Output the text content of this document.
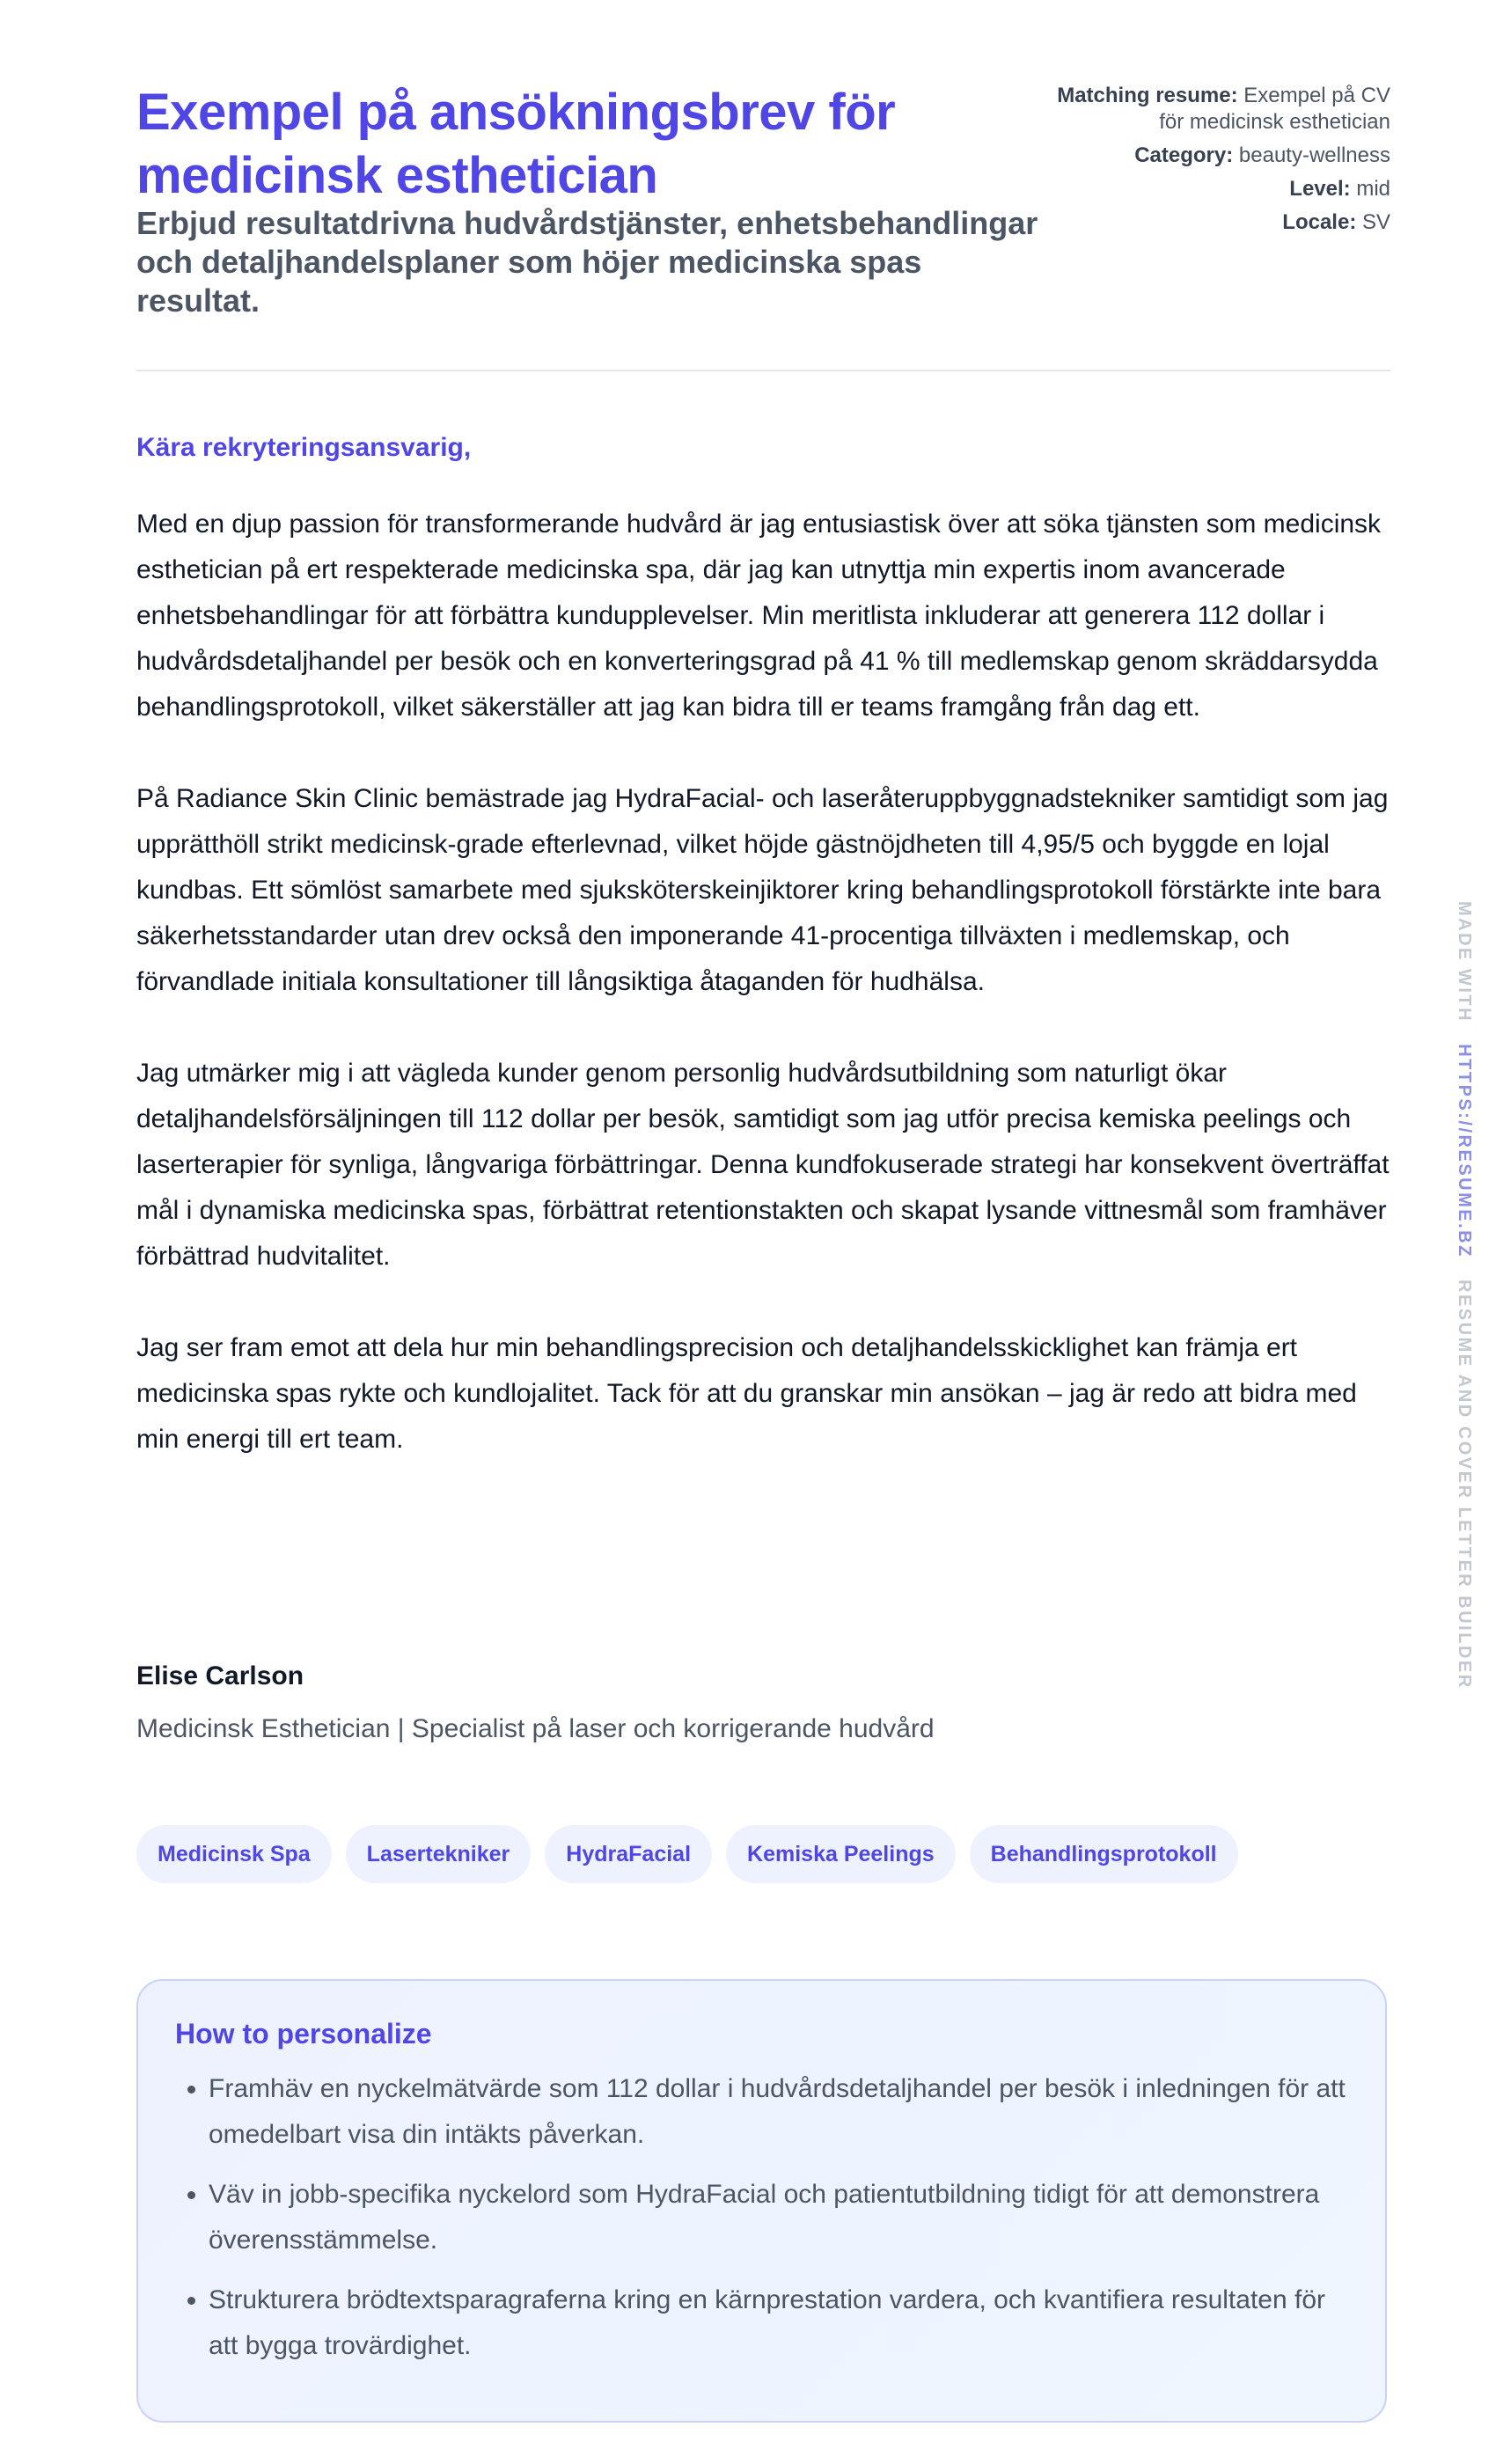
Exempel på ansökningsbrev för medicinsk esthetician
Erbjud resultatdrivna hudvårdstjänster, enhetsbehandlingar och detaljhandelsplaner som höjer medicinska spas resultat.
Matching resume: Exempel på CV för medicinsk esthetician
Category: beauty-wellness
Level: mid
Locale: SV
Kära rekryteringsansvarig,

Med en djup passion för transformerande hudvård är jag entusiastisk över att söka tjänsten som medicinsk esthetician på ert respekterade medicinska spa, där jag kan utnyttja min expertis inom avancerade enhetsbehandlingar för att förbättra kundupplevelser. Min meritlista inkluderar att generera 112 dollar i hudvårdsdetaljhandel per besök och en konverteringsgrad på 41 % till medlemskap genom skräddarsydda behandlingsprotokoll, vilket säkerställer att jag kan bidra till er teams framgång från dag ett.

På Radiance Skin Clinic bemästrade jag HydraFacial- och laseråteruppbyggnadstekniker samtidigt som jag upprätthöll strikt medicinsk-grade efterlevnad, vilket höjde gästnöjdheten till 4,95/5 och byggde en lojal kundbas. Ett sömlöst samarbete med sjuksköterskeinjiktorer kring behandlingsprotokoll förstärkte inte bara säkerhetsstandarder utan drev också den imponerande 41-procentiga tillväxten i medlemskap, och förvandlade initiala konsultationer till långsiktiga åtaganden för hudhälsa.

Jag utmärker mig i att vägleda kunder genom personlig hudvårdsutbildning som naturligt ökar detaljhandelsförsäljningen till 112 dollar per besök, samtidigt som jag utför precisa kemiska peelings och laserterapier för synliga, långvariga förbättringar. Denna kundfokuserade strategi har konsekvent överträffat mål i dynamiska medicinska spas, förbättrat retentionstakten och skapat lysande vittnesmål som framhäver förbättrad hudvitalitet.

Jag ser fram emot att dela hur min behandlingsprecision och detaljhandelsskicklighet kan främja ert medicinska spas rykte och kundlojalitet. Tack för att du granskar min ansökan – jag är redo att bidra med min energi till ert team.

Elise Carlson
Medicinsk Esthetician | Specialist på laser och korrigerande hudvård
Medicinsk Spa	Lasertekniker	HydraFacial	Kemiska Peelings	Behandlingsprotokoll
How to personalize
• Framhäv en nyckelmätvärde som 112 dollar i hudvårdsdetaljhandel per besök i inledningen för att omedelbart visa din intäkts påverkan.
• Väv in jobb-specifika nyckelord som HydraFacial och patientutbildning tidigt för att demonstrera överensstämmelse.
• Strukturera brödtextsparagraferna kring en kärnprestation vardera, och kvantifiera resultaten för att bygga trovärdighet.
MADE WITH   HTTPS://RESUME.BZ   RESUME AND COVER LETTER BUILDER
